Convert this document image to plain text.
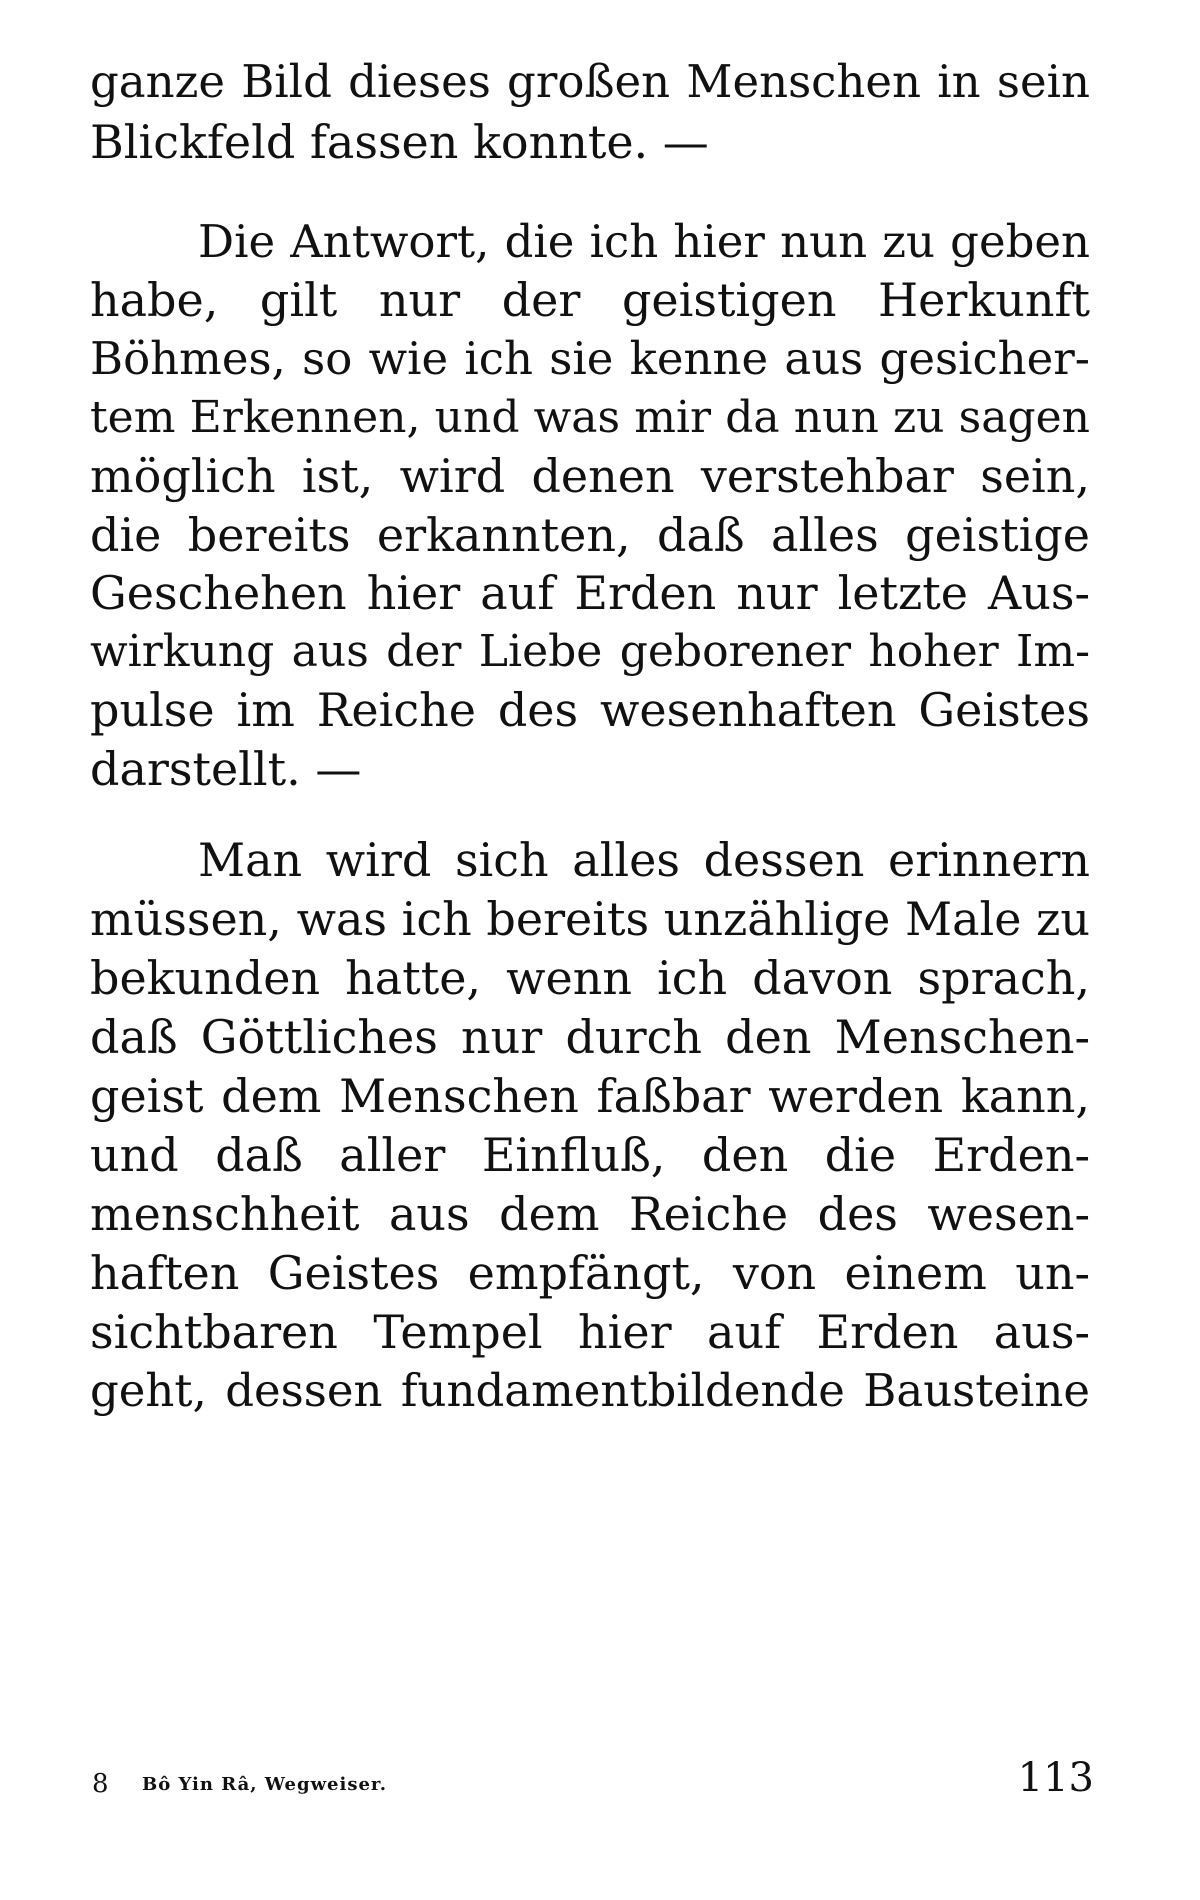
ganze Bild dieses großen Menschen in sein
Blickfeld fassen konnte. —
Die Antwort, die ich hier nun zu geben
habe, gilt nur der geistigen Herkunft
Böhmes, so wie ich sie kenne aus gesicher-
tem Erkennen, und was mir da nun zu sagen
möglich ist, wird denen verstehbar sein,
die bereits erkannten, daß alles geistige
Geschehen hier auf Erden nur letzte Aus-
wirkung aus der Liebe geborener hoher Im-
pulse im Reiche des wesenhaften Geistes
darstellt. —
Man wird sich alles dessen erinnern
müssen, was ich bereits unzählige Male zu
bekunden hatte, wenn ich davon sprach,
daß Göttliches nur durch den Menschen-
geist dem Menschen faßbar werden kann,
und daß aller Einfluß, den die Erden-
menschheit aus dem Reiche des wesen-
haften Geistes empfängt, von einem un-
sichtbaren Tempel hier auf Erden aus-
geht, dessen fundamentbildende Bausteine
8 Bô Yin Râ, Wegweiser.	113
